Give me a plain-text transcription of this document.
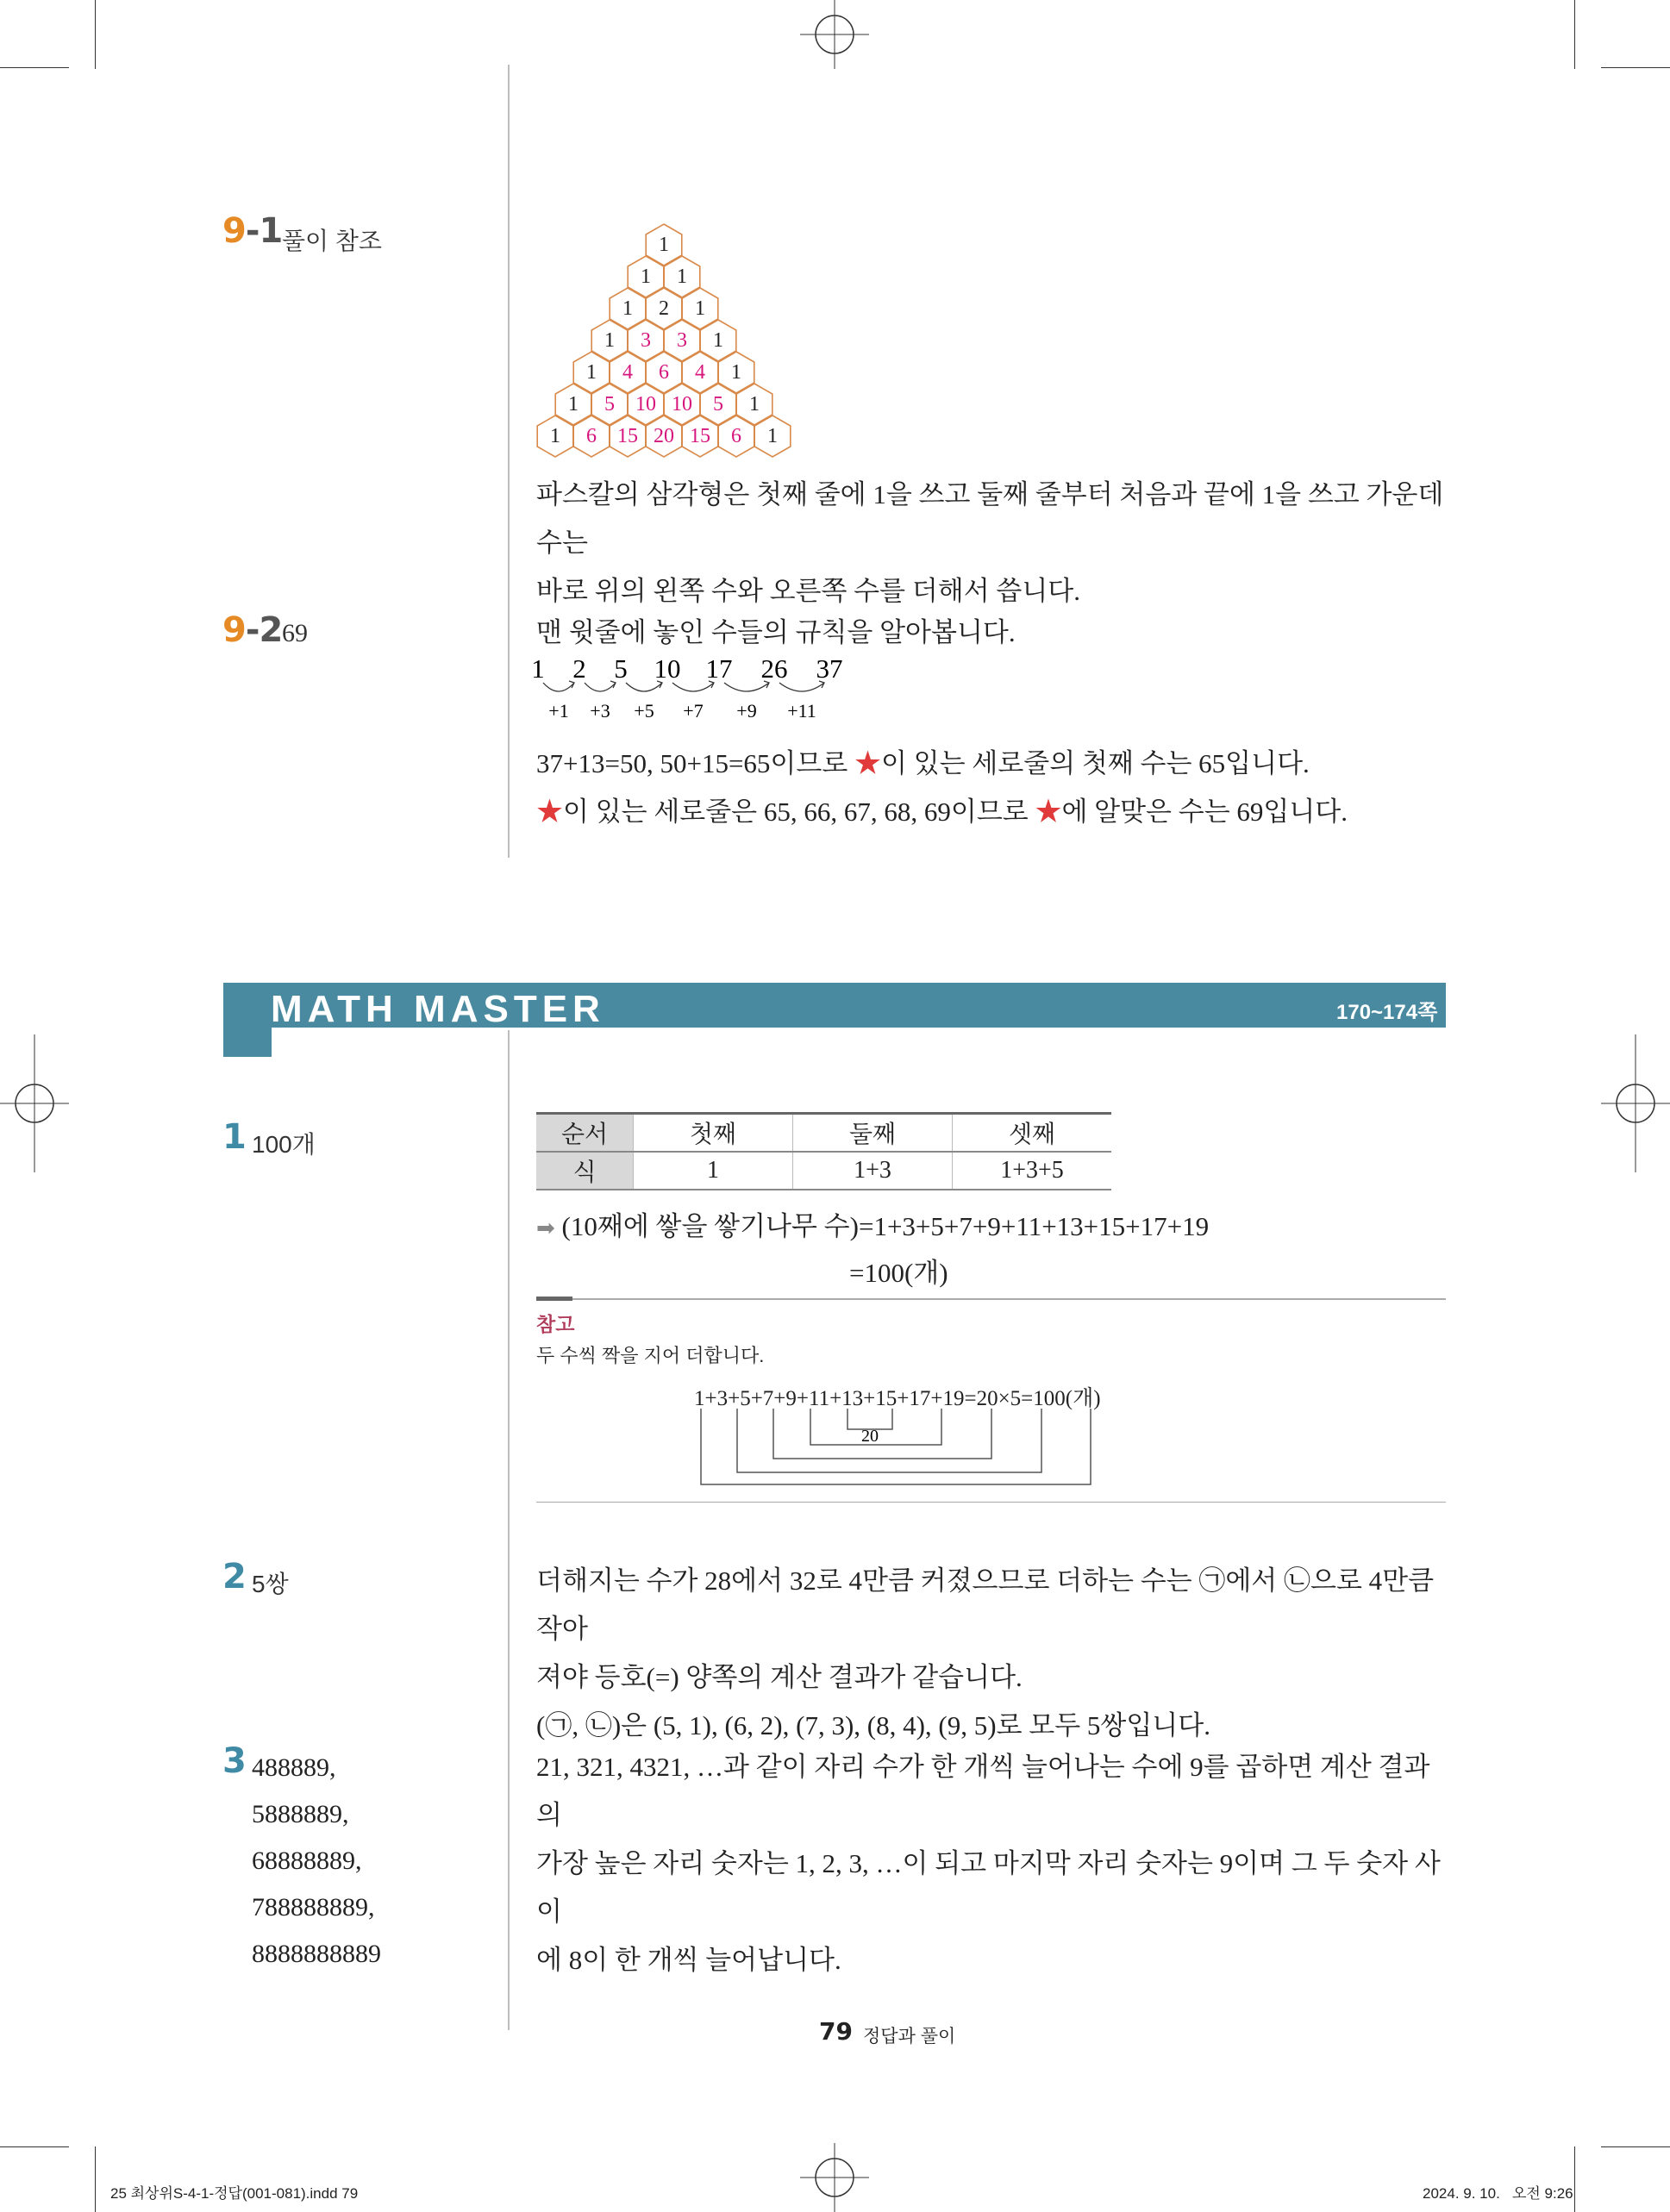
9-1 풀이 참조	1
1 1
1 2 1
1 3 3 1
1 4 6 4 1
1 5 10 10 5 1
1 6 15 20 15 6 1

파스칼의 삼각형은 첫째 줄에 1을 쓰고 둘째 줄부터 처음과 끝에 1을 쓰고 가운데 수는

바로 위의 왼쪽 수와 오른쪽 수를 더해서 씁니다.

9-2 69	맨 윗줄에 놓인 수들의 규칙을 알아봅니다.

1 2 5 10 17 26 37
+1 +3 +5 +7 +9 +11

37+13=50, 50+15=65이므로 ★이 있는 세로줄의 첫째 수는 65입니다.

★이 있는 세로줄은 65, 66, 67, 68, 69이므로 ★에 알맞은 수는 69입니다.

MATH MASTER	170~174쪽
1 100개	순서	첫째	둘째	셋째
식	1	1+3	1+3+5
➡ (10째에 쌓을 쌓기나무 수)=1+3+5+7+9+11+13+15+17+19
=100(개)
참고
두 수씩 짝을 지어 더합니다.
1+3+5+7+9+11+13+15+17+19=20×5=100(개)
20
2 5쌍	더해지는 수가 28에서 32로 4만큼 커졌으므로 더하는 수는 ㉠에서 ㉡으로 4만큼 작아

져야 등호(=) 양쪽의 계산 결과가 같습니다.

(㉠, ㉡)은 (5, 1), (6, 2), (7, 3), (8, 4), (9, 5)로 모두 5쌍입니다.

3 488889,
5888889,
68888889,
788888889,
8888888889

21, 321, 4321, …과 같이 자리 수가 한 개씩 늘어나는 수에 9를 곱하면 계산 결과의

가장 높은 자리 숫자는 1, 2, 3, …이 되고 마지막 자리 숫자는 9이며 그 두 숫자 사이

에 8이 한 개씩 늘어납니다.

79 정답과 풀이
25 최상위S-4-1-정답(001-081).indd 79	2024. 9. 10.   오전 9:26
